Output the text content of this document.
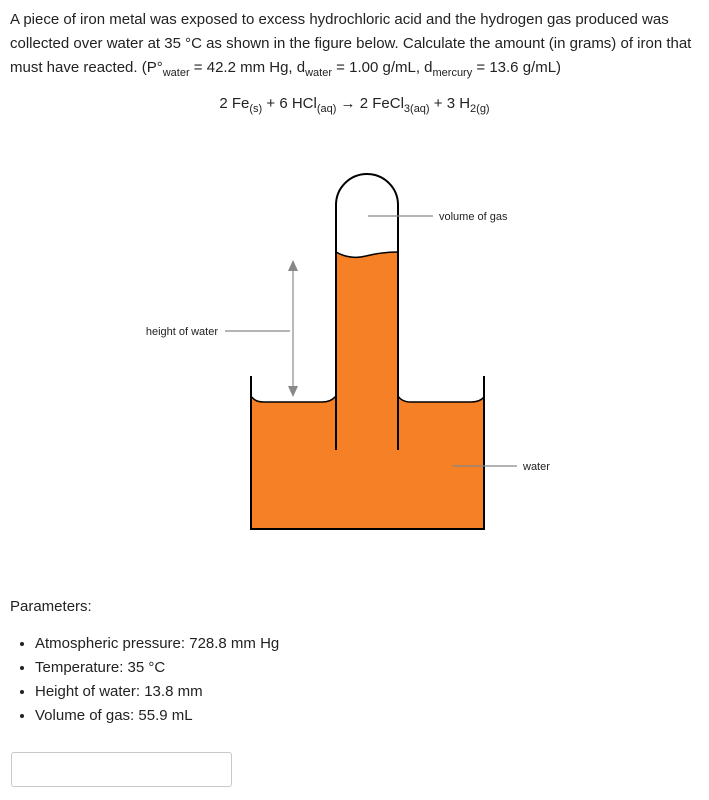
A piece of iron metal was exposed to excess hydrochloric acid and the hydrogen gas produced was collected over water at 35 °C as shown in the figure below. Calculate the amount (in grams) of iron that must have reacted. ($P^\circ_{water} = 42.2$ mm Hg, $d_{water} = 1.00$ g/mL, $d_{mercury} = 13.6$ g/mL)

2 $Fe_{(s)} + 6$ HCl$_{(aq)}$ → 2 FeCl$_{3(aq)}$ + 3 $H_{2(g)}$

volume of gas
height of water
water

Parameters:

• Atmospheric pressure: 728.8 mm Hg
• Temperature: 35 °C
• Height of water: 13.8 mm
• Volume of gas: 55.9 mL
